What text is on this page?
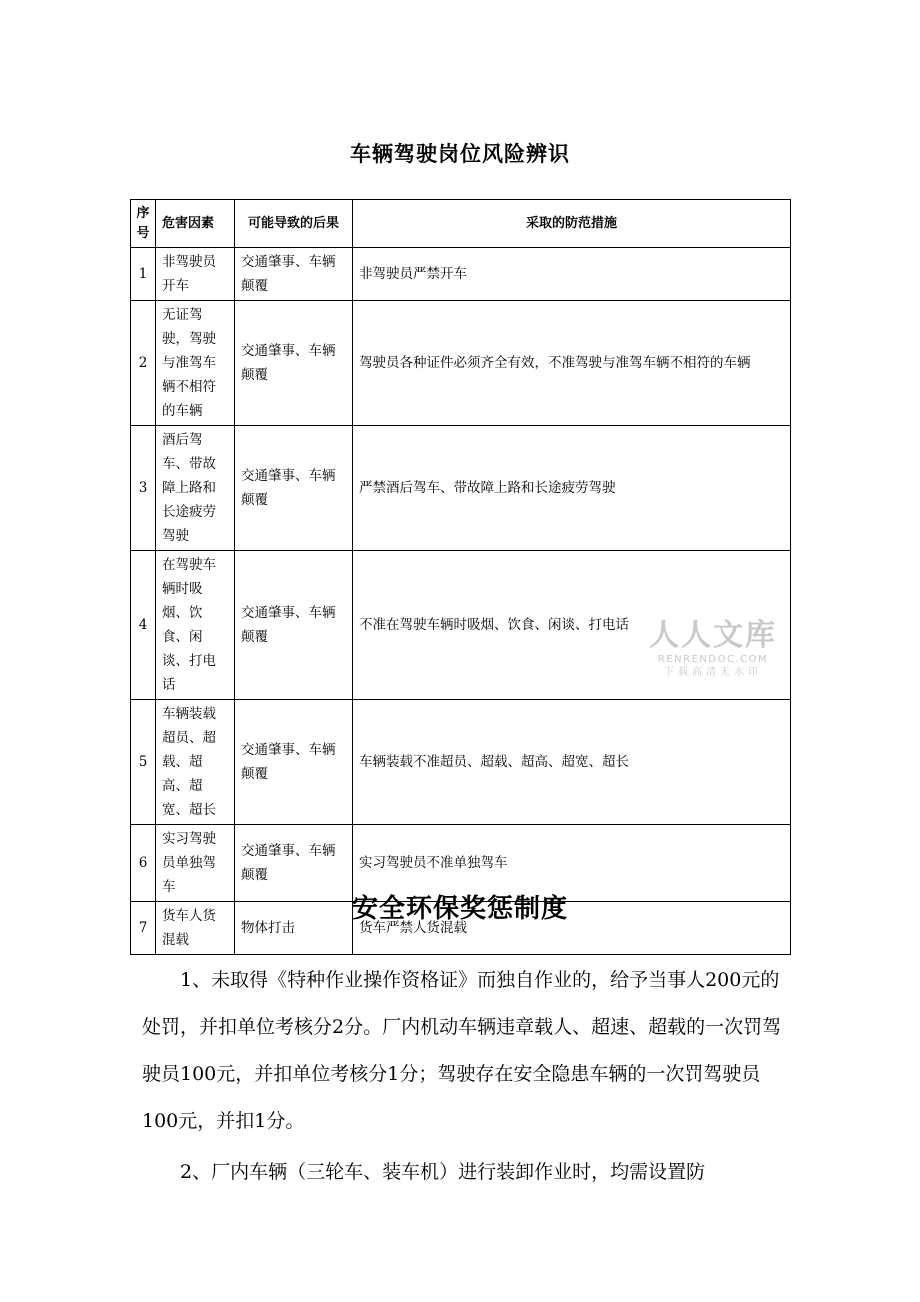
车辆驾驶岗位风险辨识
序号	危害因素	可能导致的后果	采取的防范措施
1	非驾驶员开车	交通肇事、车辆颠覆	非驾驶员严禁开车
2	无证驾驶，驾驶与准驾车辆不相符的车辆	交通肇事、车辆颠覆	驾驶员各种证件必须齐全有效，不准驾驶与准驾车辆不相符的车辆
3	酒后驾车、带故障上路和长途疲劳驾驶	交通肇事、车辆颠覆	严禁酒后驾车、带故障上路和长途疲劳驾驶
4	在驾驶车辆时吸烟、饮食、闲谈、打电话	交通肇事、车辆颠覆	不准在驾驶车辆时吸烟、饮食、闲谈、打电话
5	车辆装载超员、超载、超高、超宽、超长	交通肇事、车辆颠覆	车辆装载不准超员、超载、超高、超宽、超长
6	实习驾驶员单独驾车	交通肇事、车辆颠覆	实习驾驶员不准单独驾车
7	货车人货混载	物体打击	货车严禁人货混载
人人文库
RENRENDOC.COM
下载高清无水印
安全环保奖惩制度

1、未取得《特种作业操作资格证》而独自作业的，给予当事人200元的处罚，并扣单位考核分2分。厂内机动车辆违章载人、超速、超载的一次罚驾驶员100元，并扣单位考核分1分；驾驶存在安全隐患车辆的一次罚驾驶员100元，并扣1分。

2、厂内车辆（三轮车、装车机）进行装卸作业时，均需设置防
